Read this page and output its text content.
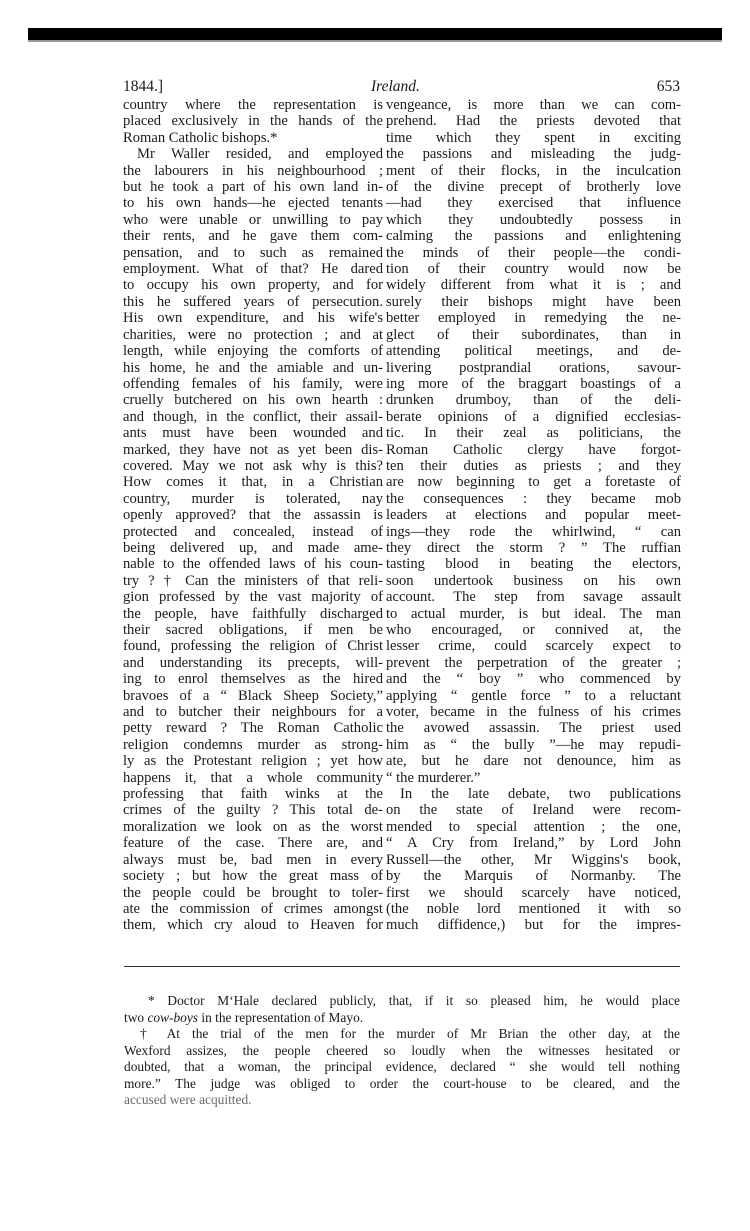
1844.]	Ireland.	653
country where the representation is
placed exclusively in the hands of the
Roman Catholic bishops.*
Mr Waller resided, and employed
the labourers in his neighbourhood ;
but he took a part of his own land in-
to his own hands—he ejected tenants
who were unable or unwilling to pay
their rents, and he gave them com-
pensation, and to such as remained
employment. What of that? He dared
to occupy his own property, and for
this he suffered years of persecution.
His own expenditure, and his wife's
charities, were no protection ; and at
length, while enjoying the comforts of
his home, he and the amiable and un-
offending females of his family, were
cruelly butchered on his own hearth :
and though, in the conflict, their assail-
ants must have been wounded and
marked, they have not as yet been dis-
covered. May we not ask why is this?
How comes it that, in a Christian
country, murder is tolerated, nay
openly approved? that the assassin is
protected and concealed, instead of
being delivered up, and made ame-
nable to the offended laws of his coun-
try ? † Can the ministers of that reli-
gion professed by the vast majority of
the people, have faithfully discharged
their sacred obligations, if men be
found, professing the religion of Christ
and understanding its precepts, will-
ing to enrol themselves as the hired
bravoes of a “ Black Sheep Society,”
and to butcher their neighbours for a
petty reward ? The Roman Catholic
religion condemns murder as strong-
ly as the Protestant religion ; yet how
happens it, that a whole community
professing that faith winks at the
crimes of the guilty ? This total de-
moralization we look on as the worst
feature of the case. There are, and
always must be, bad men in every
society ; but how the great mass of
the people could be brought to toler-
ate the commission of crimes amongst
them, which cry aloud to Heaven for
vengeance, is more than we can com-
prehend. Had the priests devoted that
time which they spent in exciting
the passions and misleading the judg-
ment of their flocks, in the inculcation
of the divine precept of brotherly love
—had they exercised that influence
which they undoubtedly possess in
calming the passions and enlightening
the minds of their people—the condi-
tion of their country would now be
widely different from what it is ; and
surely their bishops might have been
better employed in remedying the ne-
glect of their subordinates, than in
attending political meetings, and de-
livering postprandial orations, savour-
ing more of the braggart boastings of a
drunken drumboy, than of the deli-
berate opinions of a dignified ecclesias-
tic. In their zeal as politicians, the
Roman Catholic clergy have forgot-
ten their duties as priests ; and they
are now beginning to get a foretaste of
the consequences : they became mob
leaders at elections and popular meet-
ings—they rode the whirlwind, “ can
they direct the storm ? ” The ruffian
tasting blood in beating the electors,
soon undertook business on his own
account. The step from savage assault
to actual murder, is but ideal. The man
who encouraged, or connived at, the
lesser crime, could scarcely expect to
prevent the perpetration of the greater ;
and the “ boy ” who commenced by
applying “ gentle force ” to a reluctant
voter, became in the fulness of his crimes
the avowed assassin. The priest used
him as “ the bully ”—he may repudi-
ate, but he dare not denounce, him as
“ the murderer.”
In the late debate, two publications
on the state of Ireland were recom-
mended to special attention ; the one,
“ A Cry from Ireland,” by Lord John
Russell—the other, Mr Wiggins's book,
by the Marquis of Normanby. The
first we should scarcely have noticed,
(the noble lord mentioned it with so
much diffidence,) but for the impres-
* Doctor M‘Hale declared publicly, that, if it so pleased him, he would place
two cow-boys in the representation of Mayo.
† At the trial of the men for the murder of Mr Brian the other day, at the
Wexford assizes, the people cheered so loudly when the witnesses hesitated or
doubted, that a woman, the principal evidence, declared “ she would tell nothing
more.” The judge was obliged to order the court-house to be cleared, and the
accused were acquitted.
